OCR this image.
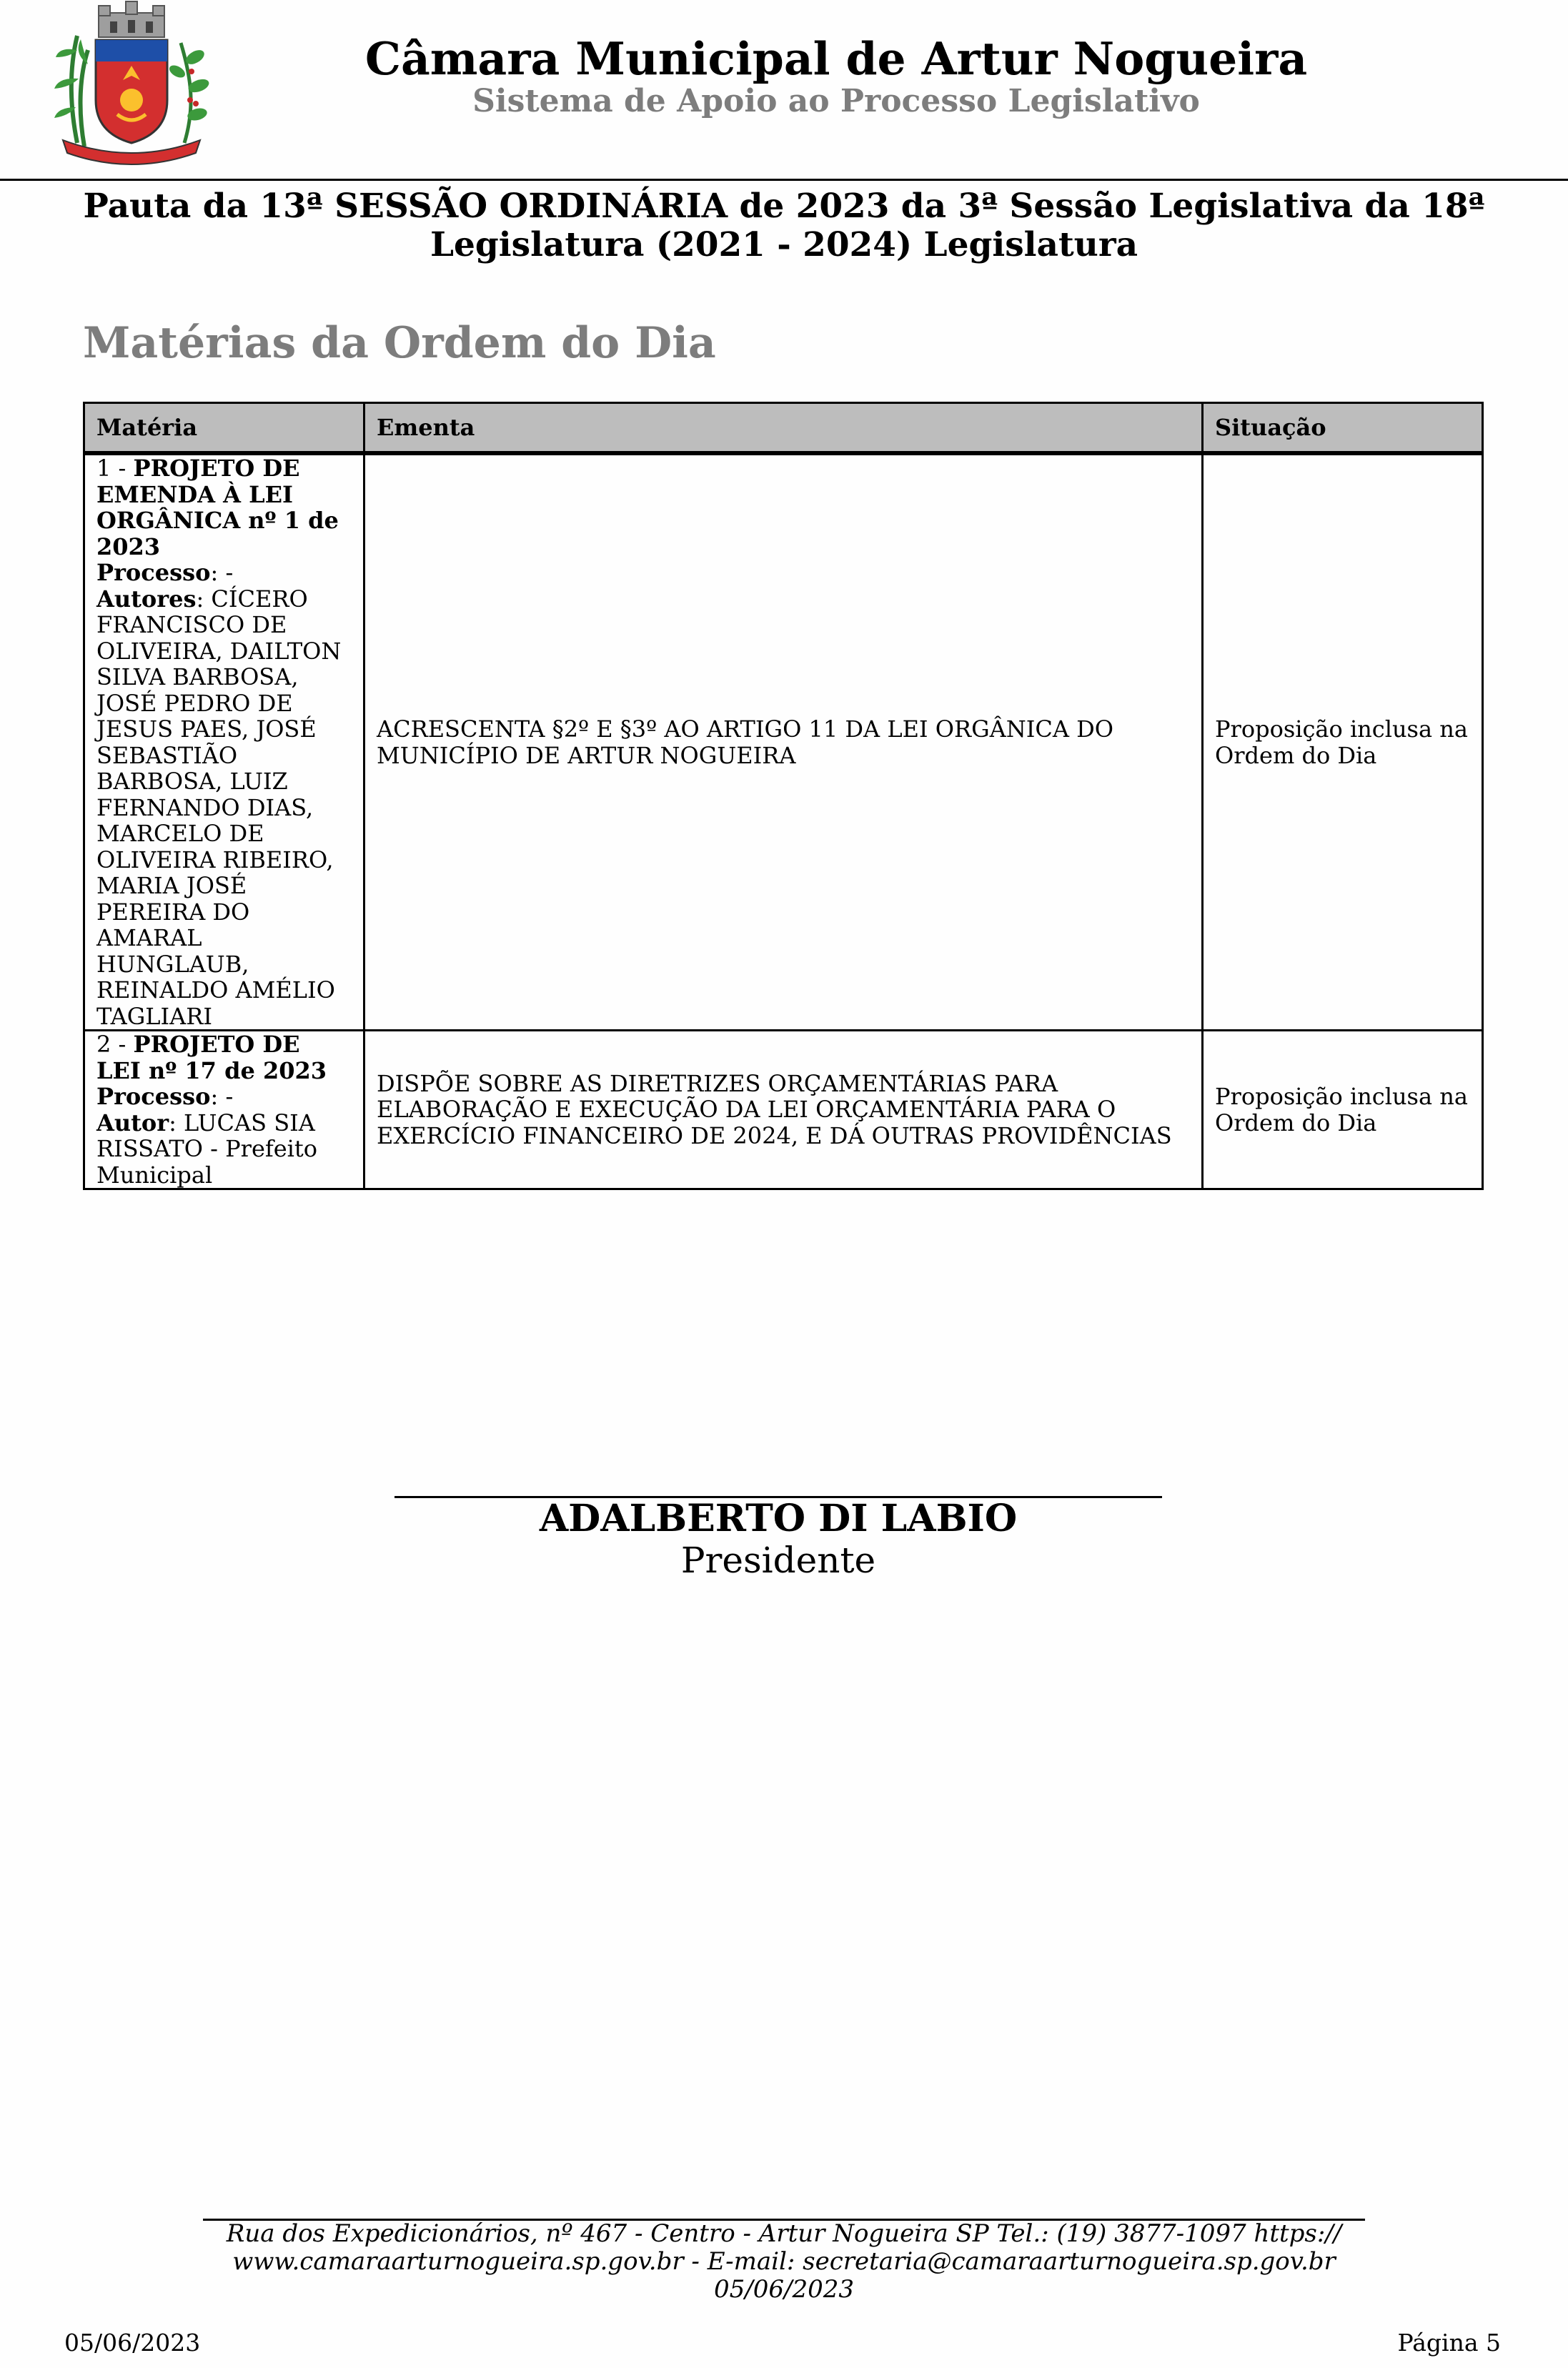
Câmara Municipal de Artur Nogueira
Sistema de Apoio ao Processo Legislativo
Pauta da 13ª SESSÃO ORDINÁRIA de 2023 da 3ª Sessão Legislativa da 18ª Legislatura (2021 - 2024) Legislatura
Matérias da Ordem do Dia
Matéria	Ementa	Situação
1 - PROJETO DE EMENDA À LEI ORGÂNICA nº 1 de 2023
Processo: -
Autores: CÍCERO FRANCISCO DE OLIVEIRA, DAILTON SILVA BARBOSA, JOSÉ PEDRO DE JESUS PAES, JOSÉ SEBASTIÃO BARBOSA, LUIZ FERNANDO DIAS, MARCELO DE OLIVEIRA RIBEIRO, MARIA JOSÉ PEREIRA DO AMARAL HUNGLAUB, REINALDO AMÉLIO TAGLIARI	ACRESCENTA §2º E §3º AO ARTIGO 11 DA LEI ORGÂNICA DO MUNICÍPIO DE ARTUR NOGUEIRA	Proposição inclusa na Ordem do Dia
2 - PROJETO DE LEI nº 17 de 2023
Processo: -
Autor: LUCAS SIA RISSATO - Prefeito Municipal	DISPÕE SOBRE AS DIRETRIZES ORÇAMENTÁRIAS PARA ELABORAÇÃO E EXECUÇÃO DA LEI ORÇAMENTÁRIA PARA O EXERCÍCIO FINANCEIRO DE 2024, E DÁ OUTRAS PROVIDÊNCIAS	Proposição inclusa na Ordem do Dia
ADALBERTO DI LABIO
Presidente
Rua dos Expedicionários, nº 467 - Centro - Artur Nogueira SP Tel.: (19) 3877-1097 https:// www.camaraarturnogueira.sp.gov.br - E-mail: secretaria@camaraarturnogueira.sp.gov.br
05/06/2023
05/06/2023	Página 5
